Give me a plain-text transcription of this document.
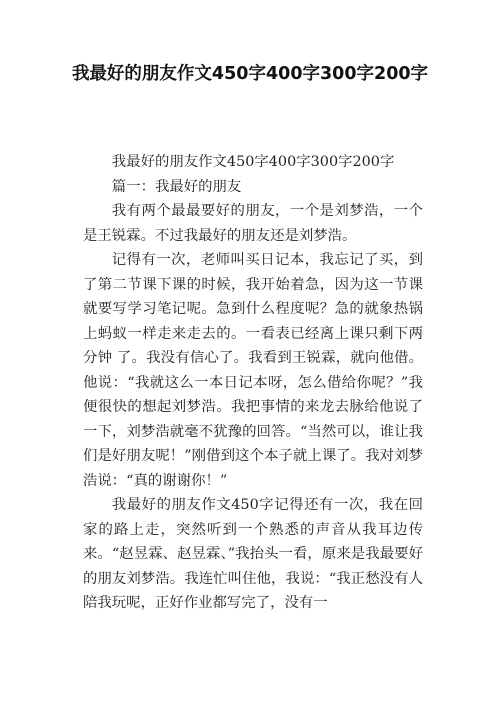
我最好的朋友作文450字400字300字200字

我最好的朋友作文450字400字300字200字

篇一：我最好的朋友

我有两个最最要好的朋友，一个是刘梦浩，一个是王锐霖。不过我最好的朋友还是刘梦浩。

记得有一次，老师叫买日记本，我忘记了买，到了第二节课下课的时候，我开始着急，因为这一节课就要写学习笔记呢。急到什么程度呢？急的就象热锅上蚂蚁一样走来走去的。一看表已经离上课只剩下两分钟 了。我没有信心了。我看到王锐霖，就向他借。他说：“我就这么一本日记本呀，怎么借给你呢？”我便很快的想起刘梦浩。我把事情的来龙去脉给他说了一下，刘梦浩就毫不犹豫的回答。“当然可以，谁让我们是好朋友呢！”刚借到这个本子就上课了。我对刘梦浩说：“真的谢谢你！”

我最好的朋友作文450字记得还有一次，我在回家的路上走，突然听到一个熟悉的声音从我耳边传来。“赵昱霖、赵昱霖、”我抬头一看，原来是我最要好的朋友刘梦浩。我连忙叫住他，我说：“我正愁没有人陪我玩呢，正好作业都写完了，没有一
